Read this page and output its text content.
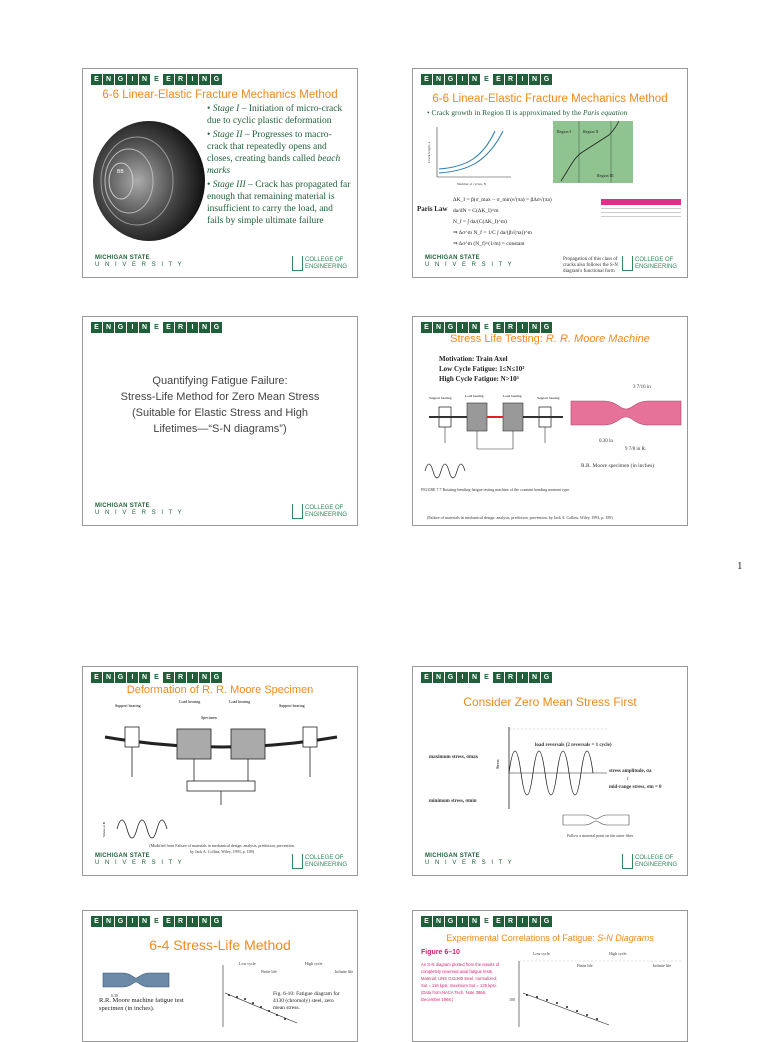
E	N G	I	N	E	E	R	I	N G
6-6 Linear-Elastic Fracture Mechanics Method
BB
• Stage I – Initiation of micro-crack due to cyclic plastic deformation
• Stage II – Progresses to macro-crack that repeatedly opens and closes, creating bands called beach marks
• Stage III – Crack has propagated far enough that remaining material is insufficient to carry the load, and fails by simple ultimate failure
MICHIGAN STATE
U N I V E R S I T Y
COLLEGE OF
ENGINEERING
E	N G	I	N	E	E	R	I	N G
6-6 Linear-Elastic Fracture Mechanics Method
• Crack growth in Region II is approximated by the Paris equation
Crack length, a
Number of cycles, N
Region I	Region II
Region III
Paris Law
ΔK_I = β(σ_max − σ_min)√(πa) = βΔσ√(πa)
da/dN = C(ΔK_I)^m
N_f = ∫ da/(C(ΔK_I)^m)
⇒ Δσ^m N_f = 1/C ∫ da/(β√(πa))^m
⇒ Δσ^m (N_f)^(1/m) = constant
Propagation of this class of cracks also follows the S-N diagram's functional form
MICHIGAN STATE
U N I V E R S I T Y
COLLEGE OF
ENGINEERING
E	N G	I	N	E	E	R	I	N G
Quantifying Fatigue Failure:
Stress-Life Method for Zero Mean Stress
(Suitable for Elastic Stress and High
Lifetimes—“S-N diagrams”)
MICHIGAN STATE
U N I V E R S I T Y
COLLEGE OF
ENGINEERING
E	N G	I	N	E	E	R	I	N G
Stress Life Testing: R. R. Moore Machine
Motivation: Train Axel
Low Cycle Fatigue: 1≤N≤10³
High Cycle Fatigue: N>10³
Support bearing	Load bearing	Load bearing	Support bearing
3 7/16 in
0.30 in
9 7/8 in R.
R.R. Moore specimen (in inches)
FIGURE 7.7 Rotating-bending fatigue testing machine of the constant bending moment type.
(Failure of materials in mechanical design: analysis, prediction, prevention, by Jack A. Collins, Wiley, 1993, p. 189)
1
E	N G	I	N	E	E	R	I	N G
Deformation of R. R. Moore Specimen
Support bearing
Load bearing	Load bearing
Support bearing
Specimen
Stress at B
(Modified from Failure of materials in mechanical design: analysis, prediction, prevention, by Jack A. Collins, Wiley, 1993, p. 189)
MICHIGAN STATE
U N I V E R S I T Y
COLLEGE OF
ENGINEERING
E	N G	I	N	E	E	R	I	N G
Consider Zero Mean Stress First
Stress
maximum stress, σmax
minimum stress, σmin
load reversals (2 reversals = 1 cycle)
stress amplitude, σa
t
mid-range stress, σm = 0
Follow a material point on the outer fiber
MICHIGAN STATE
U N I V E R S I T Y
COLLEGE OF
ENGINEERING
E	N G	I	N	E	E	R	I	N G
6-4 Stress-Life Method
0.30
R.R. Moore machine fatigue test specimen (in inches).
Low cycle	High cycle
Finite life	Infinite life
Fig. 6-10: Fatigue diagram for 4130 (chromoly) steel, zero mean stress.
E	N G	I	N	E	E	R	I	N G
Experimental Correlations of Fatigue: S-N Diagrams
Figure 6–10
An S-N diagram plotted from the results of completely reversed axial fatigue tests. Material: UNS G41300 steel, normalized; Sut = 116 kpsi; maximum Sut = 125 kpsi. (Data from NACA Tech. Note 3866, December 1966.)
Low cycle	High cycle
Finite life	Infinite life
100
